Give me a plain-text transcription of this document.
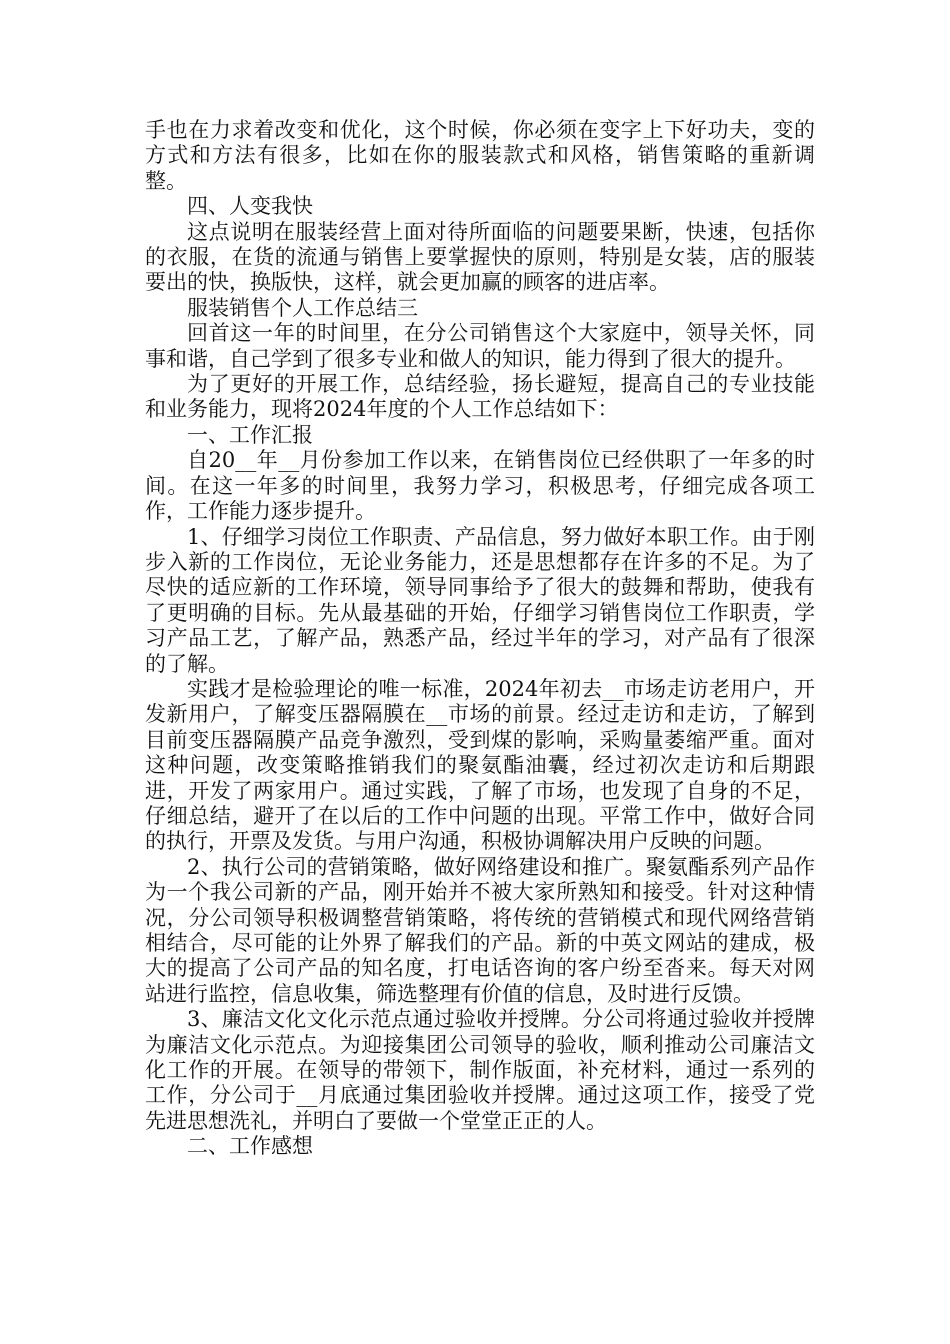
手也在力求着改变和优化，这个时候，你必须在变字上下好功夫，变的方式和方法有很多，比如在你的服装款式和风格，销售策略的重新调整。

四、人变我快

这点说明在服装经营上面对待所面临的问题要果断，快速，包括你的衣服，在货的流通与销售上要掌握快的原则，特别是女装，店的服装要出的快，换版快，这样，就会更加赢的顾客的进店率。

服装销售个人工作总结三

回首这一年的时间里，在分公司销售这个大家庭中，领导关怀，同事和谐，自己学到了很多专业和做人的知识，能力得到了很大的提升。

为了更好的开展工作，总结经验，扬长避短，提高自己的专业技能和业务能力，现将2024年度的个人工作总结如下：

一、工作汇报

自20__年__月份参加工作以来，在销售岗位已经供职了一年多的时间。在这一年多的时间里，我努力学习，积极思考，仔细完成各项工作，工作能力逐步提升。

1、仔细学习岗位工作职责、产品信息，努力做好本职工作。由于刚步入新的工作岗位，无论业务能力，还是思想都存在许多的不足。为了尽快的适应新的工作环境，领导同事给予了很大的鼓舞和帮助，使我有了更明确的目标。先从最基础的开始，仔细学习销售岗位工作职责，学习产品工艺，了解产品，熟悉产品，经过半年的学习，对产品有了很深的了解。

实践才是检验理论的唯一标准，2024年初去__市场走访老用户，开发新用户，了解变压器隔膜在__市场的前景。经过走访和走访，了解到目前变压器隔膜产品竞争激烈，受到煤的影响，采购量萎缩严重。面对这种问题，改变策略推销我们的聚氨酯油囊，经过初次走访和后期跟进，开发了两家用户。通过实践，了解了市场，也发现了自身的不足，仔细总结，避开了在以后的工作中问题的出现。平常工作中，做好合同的执行，开票及发货。与用户沟通，积极协调解决用户反映的问题。

2、执行公司的营销策略，做好网络建设和推广。聚氨酯系列产品作为一个我公司新的产品，刚开始并不被大家所熟知和接受。针对这种情况，分公司领导积极调整营销策略，将传统的营销模式和现代网络营销相结合，尽可能的让外界了解我们的产品。新的中英文网站的建成，极大的提高了公司产品的知名度，打电话咨询的客户纷至沓来。每天对网站进行监控，信息收集，筛选整理有价值的信息，及时进行反馈。

3、廉洁文化文化示范点通过验收并授牌。分公司将通过验收并授牌为廉洁文化示范点。为迎接集团公司领导的验收，顺利推动公司廉洁文化工作的开展。在领导的带领下，制作版面，补充材料，通过一系列的工作，分公司于__月底通过集团验收并授牌。通过这项工作，接受了党先进思想洗礼，并明白了要做一个堂堂正正的人。

二、工作感想
